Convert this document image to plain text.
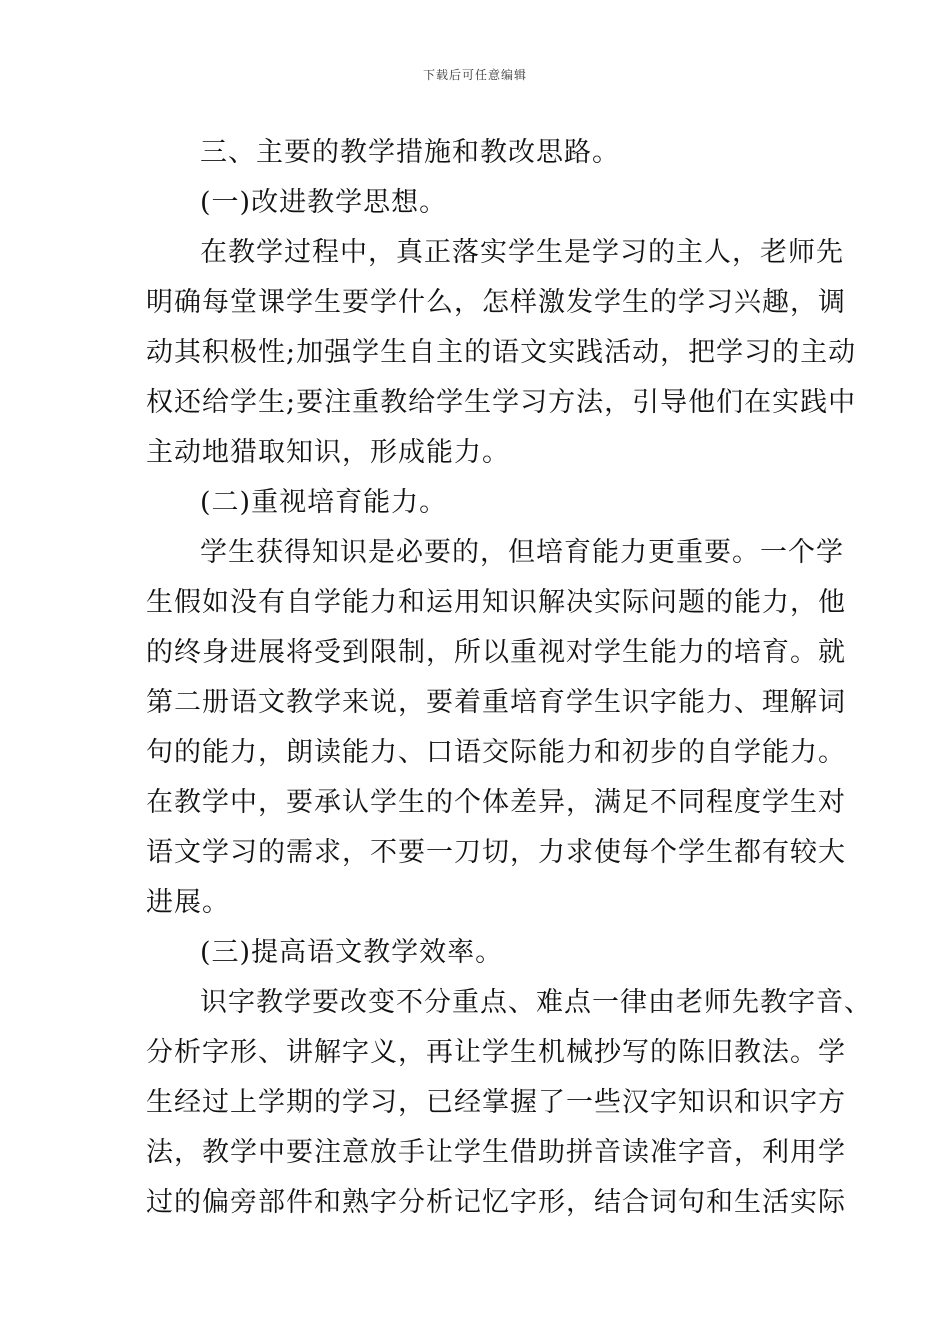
下载后可任意编辑
三、主要的教学措施和教改思路。
(一)改进教学思想。
在教学过程中，真正落实学生是学习的主人，老师先
明确每堂课学生要学什么，怎样激发学生的学习兴趣，调
动其积极性;加强学生自主的语文实践活动，把学习的主动
权还给学生;要注重教给学生学习方法，引导他们在实践中
主动地猎取知识，形成能力。
(二)重视培育能力。
学生获得知识是必要的，但培育能力更重要。一个学
生假如没有自学能力和运用知识解决实际问题的能力，他
的终身进展将受到限制，所以重视对学生能力的培育。就
第二册语文教学来说，要着重培育学生识字能力、理解词
句的能力，朗读能力、口语交际能力和初步的自学能力。
在教学中，要承认学生的个体差异，满足不同程度学生对
语文学习的需求，不要一刀切，力求使每个学生都有较大
进展。
(三)提高语文教学效率。
识字教学要改变不分重点、难点一律由老师先教字音、
分析字形、讲解字义，再让学生机械抄写的陈旧教法。学
生经过上学期的学习，已经掌握了一些汉字知识和识字方
法，教学中要注意放手让学生借助拼音读准字音，利用学
过的偏旁部件和熟字分析记忆字形，结合词句和生活实际
